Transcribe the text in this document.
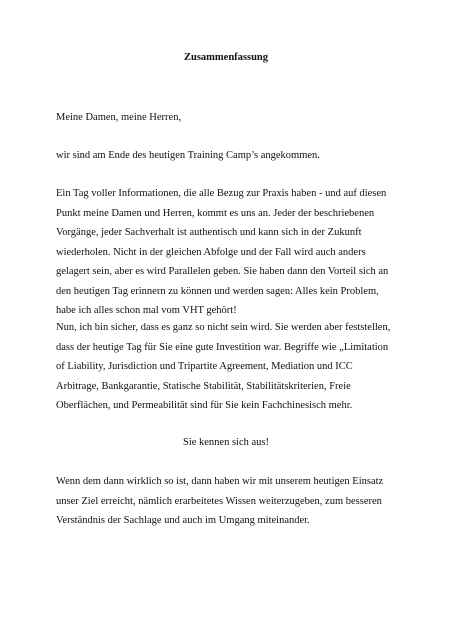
Zusammenfassung

Meine Damen, meine Herren,

wir sind am Ende des heutigen Training Camp’s angekommen.

Ein Tag voller Informationen, die alle Bezug zur Praxis haben - und auf diesen
Punkt meine Damen und Herren, kommt es uns an. Jeder der beschriebenen
Vorgänge, jeder Sachverhalt ist authentisch und kann sich in der Zukunft
wiederholen. Nicht in der gleichen Abfolge und der Fall wird auch anders
gelagert sein, aber es wird Parallelen geben. Sie haben dann den Vorteil sich an
den heutigen Tag erinnern zu können und werden sagen: Alles kein Problem,
habe ich alles schon mal vom VHT gehört!

Nun, ich bin sicher, dass es ganz so nicht sein wird. Sie werden aber feststellen,
dass der heutige Tag für Sie eine gute Investition war. Begriffe wie „Limitation
of Liability, Jurisdiction und Tripartite Agreement, Mediation und ICC
Arbitrage, Bankgarantie, Statische Stabilität, Stabilitätskriterien, Freie
Oberflächen, und Permeabilität sind für Sie kein Fachchinesisch mehr.

Sie kennen sich aus!

Wenn dem dann wirklich so ist, dann haben wir mit unserem heutigen Einsatz
unser Ziel erreicht, nämlich erarbeitetes Wissen weiterzugeben, zum besseren
Verständnis der Sachlage und auch im Umgang miteinander.
